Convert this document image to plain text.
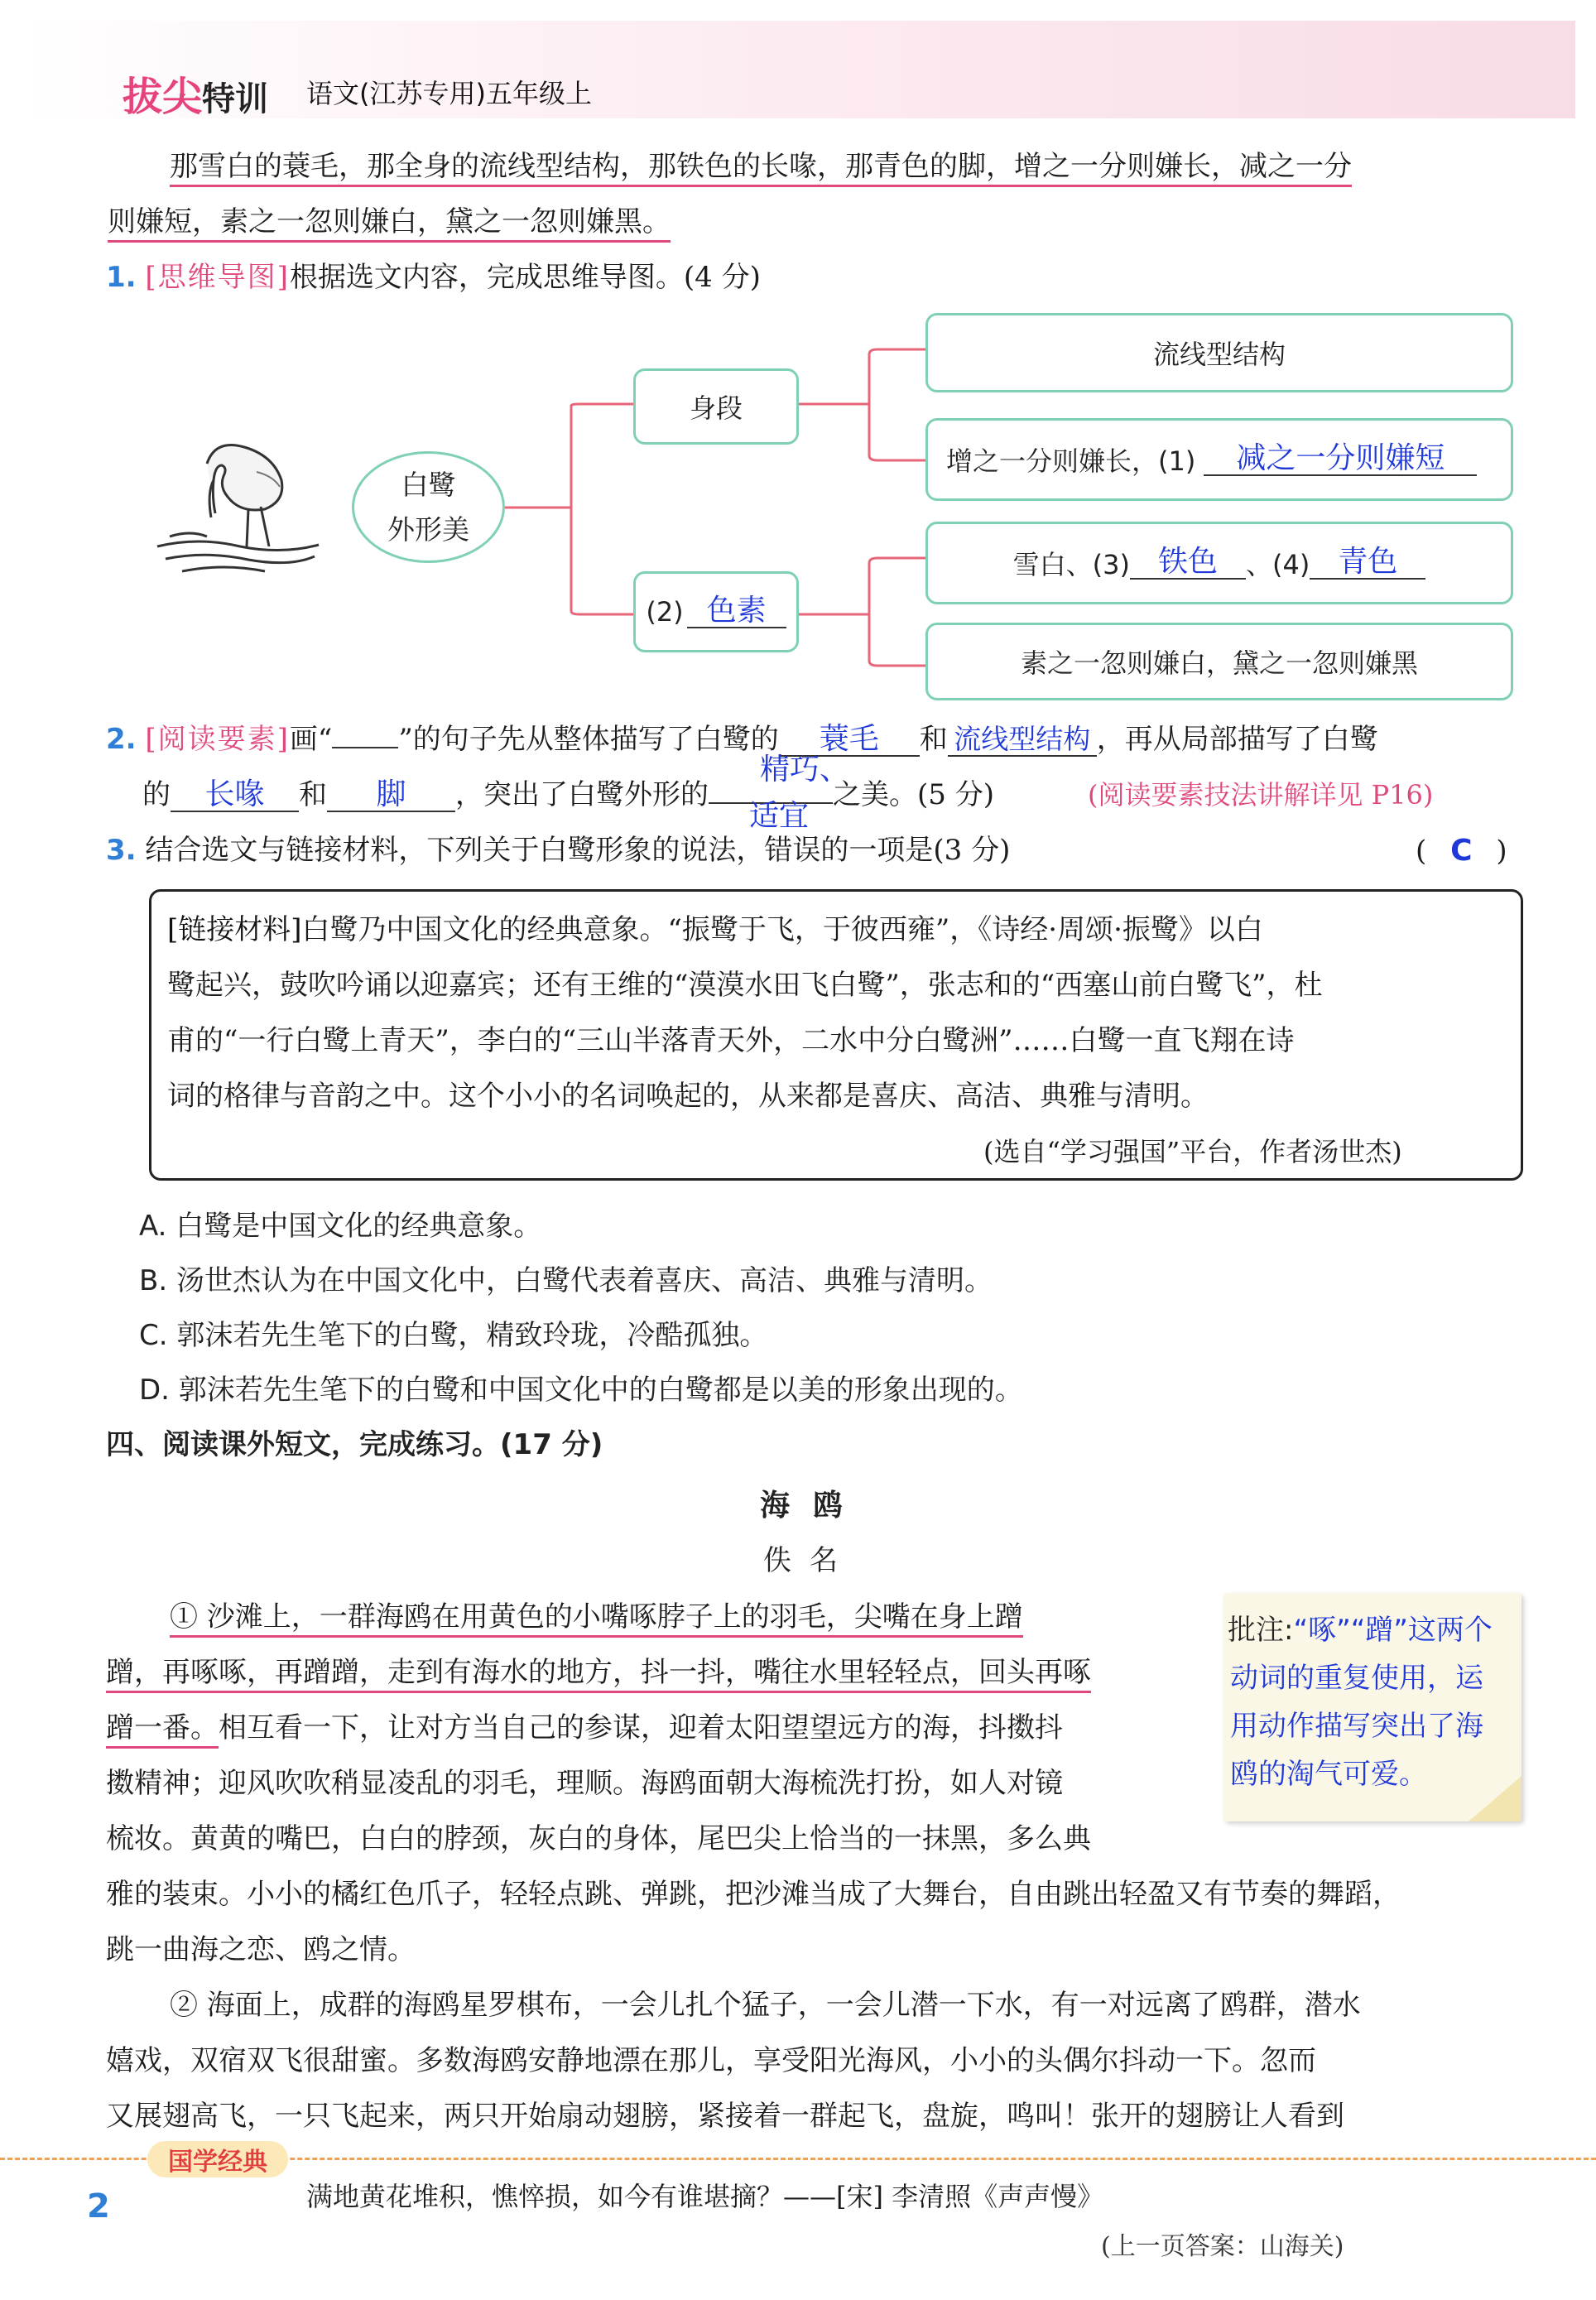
拔尖特训 语文(江苏专用)五年级上
那雪白的蓑毛，那全身的流线型结构，那铁色的长喙，那青色的脚，增之一分则嫌长，减之一分
则嫌短，素之一忽则嫌白，黛之一忽则嫌黑。
1. [思维导图]根据选文内容，完成思维导图。(4 分)
白鹭
外形美
身段
(2) 色素
流线型结构
增之一分则嫌长，(1)	减之一分则嫌短
雪白、(3) 铁色	、(4) 青色
素之一忽则嫌白，黛之一忽则嫌黑
2. [阅读要素]画“ ”的句子先从整体描写了白鹭的 蓑毛 和 流线型结构 ，再从局部描写了白鹭
的 长喙 和 脚 ，突出了白鹭外形的	之美。(5 分)
精巧、
适宜
(阅读要素技法讲解详见 P16)
3. 结合选文与链接材料，下列关于白鹭形象的说法，错误的一项是(3 分)	( C )
[链接材料]白鹭乃中国文化的经典意象。“振鹭于飞，于彼西雍”，《诗经·周颂·振鹭》以白
鹭起兴，鼓吹吟诵以迎嘉宾；还有王维的“漠漠水田飞白鹭”，张志和的“西塞山前白鹭飞”，杜
甫的“一行白鹭上青天”，李白的“三山半落青天外，二水中分白鹭洲”……白鹭一直飞翔在诗
词的格律与音韵之中。这个小小的名词唤起的，从来都是喜庆、高洁、典雅与清明。
(选自“学习强国”平台，作者汤世杰)
A. 白鹭是中国文化的经典意象。
B. 汤世杰认为在中国文化中，白鹭代表着喜庆、高洁、典雅与清明。
C. 郭沫若先生笔下的白鹭，精致玲珑，冷酷孤独。
D. 郭沫若先生笔下的白鹭和中国文化中的白鹭都是以美的形象出现的。
四、阅读课外短文，完成练习。(17 分)
海鸥
佚名
① 沙滩上，一群海鸥在用黄色的小嘴啄脖子上的羽毛，尖嘴在身上蹭
蹭，再啄啄，再蹭蹭，走到有海水的地方，抖一抖，嘴往水里轻轻点，回头再啄
蹭一番。相互看一下，让对方当自己的参谋，迎着太阳望望远方的海，抖擞抖
擞精神；迎风吹吹稍显凌乱的羽毛，理顺。海鸥面朝大海梳洗打扮，如人对镜
梳妆。黄黄的嘴巴，白白的脖颈，灰白的身体，尾巴尖上恰当的一抹黑，多么典
雅的装束。小小的橘红色爪子，轻轻点跳、弹跳，把沙滩当成了大舞台，自由跳出轻盈又有节奏的舞蹈，
跳一曲海之恋、鸥之情。
② 海面上，成群的海鸥星罗棋布，一会儿扎个猛子，一会儿潜一下水，有一对远离了鸥群，潜水
嬉戏，双宿双飞很甜蜜。多数海鸥安静地漂在那儿，享受阳光海风，小小的头偶尔抖动一下。忽而
又展翅高飞，一只飞起来，两只开始扇动翅膀，紧接着一群起飞，盘旋，鸣叫！张开的翅膀让人看到
批注:“啄”“蹭”这两个
动词的重复使用，运
用动作描写突出了海
鸥的淘气可爱。
国学经典
2	满地黄花堆积，憔悴损，如今有谁堪摘？——[宋] 李清照《声声慢》
(上一页答案：山海关)
